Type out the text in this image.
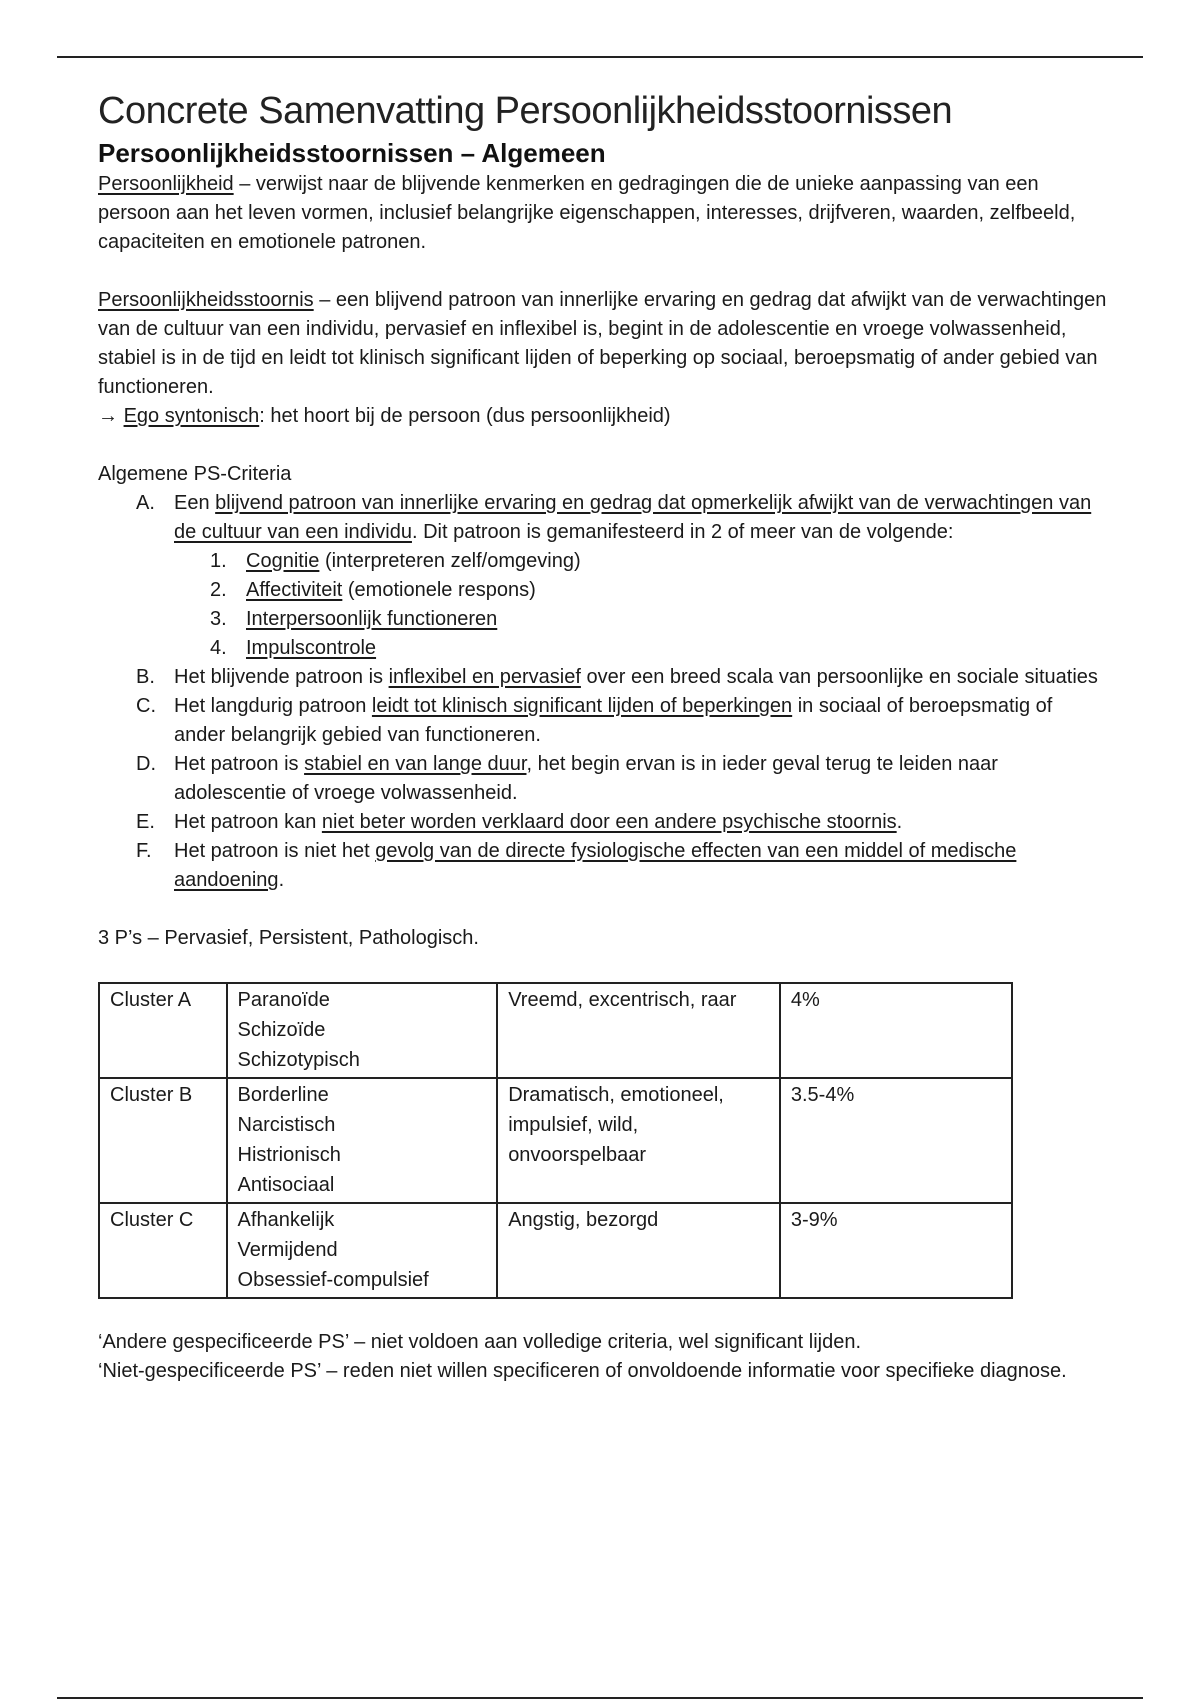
Concrete Samenvatting Persoonlijkheidsstoornissen
Persoonlijkheidsstoornissen – Algemeen

Persoonlijkheid – verwijst naar de blijvende kenmerken en gedragingen die de unieke aanpassing van een persoon aan het leven vormen, inclusief belangrijke eigenschappen, interesses, drijfveren, waarden, zelfbeeld, capaciteiten en emotionele patronen.

Persoonlijkheidsstoornis – een blijvend patroon van innerlijke ervaring en gedrag dat afwijkt van de verwachtingen van de cultuur van een individu, pervasief en inflexibel is, begint in de adolescentie en vroege volwassenheid, stabiel is in de tijd en leidt tot klinisch significant lijden of beperking op sociaal, beroepsmatig of ander gebied van functioneren.

→ Ego syntonisch: het hoort bij de persoon (dus persoonlijkheid)

Algemene PS-Criteria

A. Een blijvend patroon van innerlijke ervaring en gedrag dat opmerkelijk afwijkt van de verwachtingen van de cultuur van een individu. Dit patroon is gemanifesteerd in 2 of meer van de volgende:
1. Cognitie (interpreteren zelf/omgeving)
2. Affectiviteit (emotionele respons)
3. Interpersoonlijk functioneren
4. Impulscontrole
B. Het blijvende patroon is inflexibel en pervasief over een breed scala van persoonlijke en sociale situaties
C. Het langdurig patroon leidt tot klinisch significant lijden of beperkingen in sociaal of beroepsmatig of ander belangrijk gebied van functioneren.
D. Het patroon is stabiel en van lange duur, het begin ervan is in ieder geval terug te leiden naar adolescentie of vroege volwassenheid.
E. Het patroon kan niet beter worden verklaard door een andere psychische stoornis.
F.	Het patroon is niet het gevolg van de directe fysiologische effecten van een middel of medische aandoening.

3 P’s – Pervasief, Persistent, Pathologisch.

Cluster A	Paranoïde
Schizoïde
Schizotypisch	Vreemd, excentrisch, raar	4%
Cluster B	Borderline
Narcistisch
Histrionisch
Antisociaal	Dramatisch, emotioneel, impulsief, wild, onvoorspelbaar	3.5-4%
Cluster C	Afhankelijk
Vermijdend
Obsessief-compulsief	Angstig, bezorgd	3-9%

‘Andere gespecificeerde PS’ – niet voldoen aan volledige criteria, wel significant lijden.

‘Niet-gespecificeerde PS’ – reden niet willen specificeren of onvoldoende informatie voor specifieke diagnose.
